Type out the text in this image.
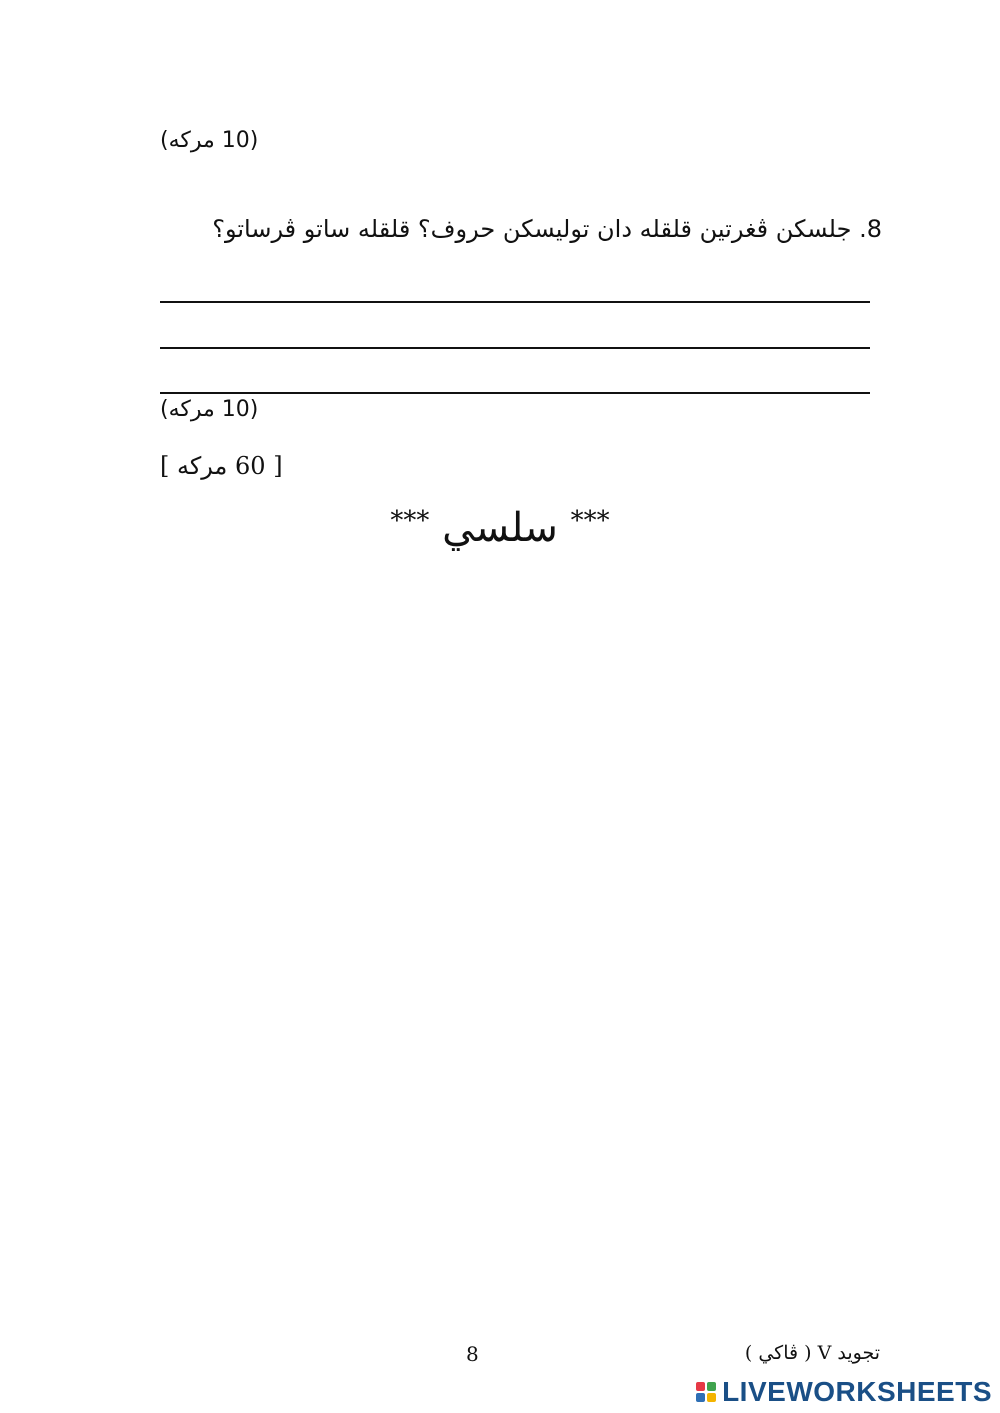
(10 مركه)
8. جلسکن ڤغرتين قلقله دان توليسکن حروف؟ قلقله ساتو ڤرساتو؟
(10 مركه)
[ 60 مركه ]
*** سلسي ***
8	تجويد V ( ڤاکي )
LIVEWORKSHEETS
